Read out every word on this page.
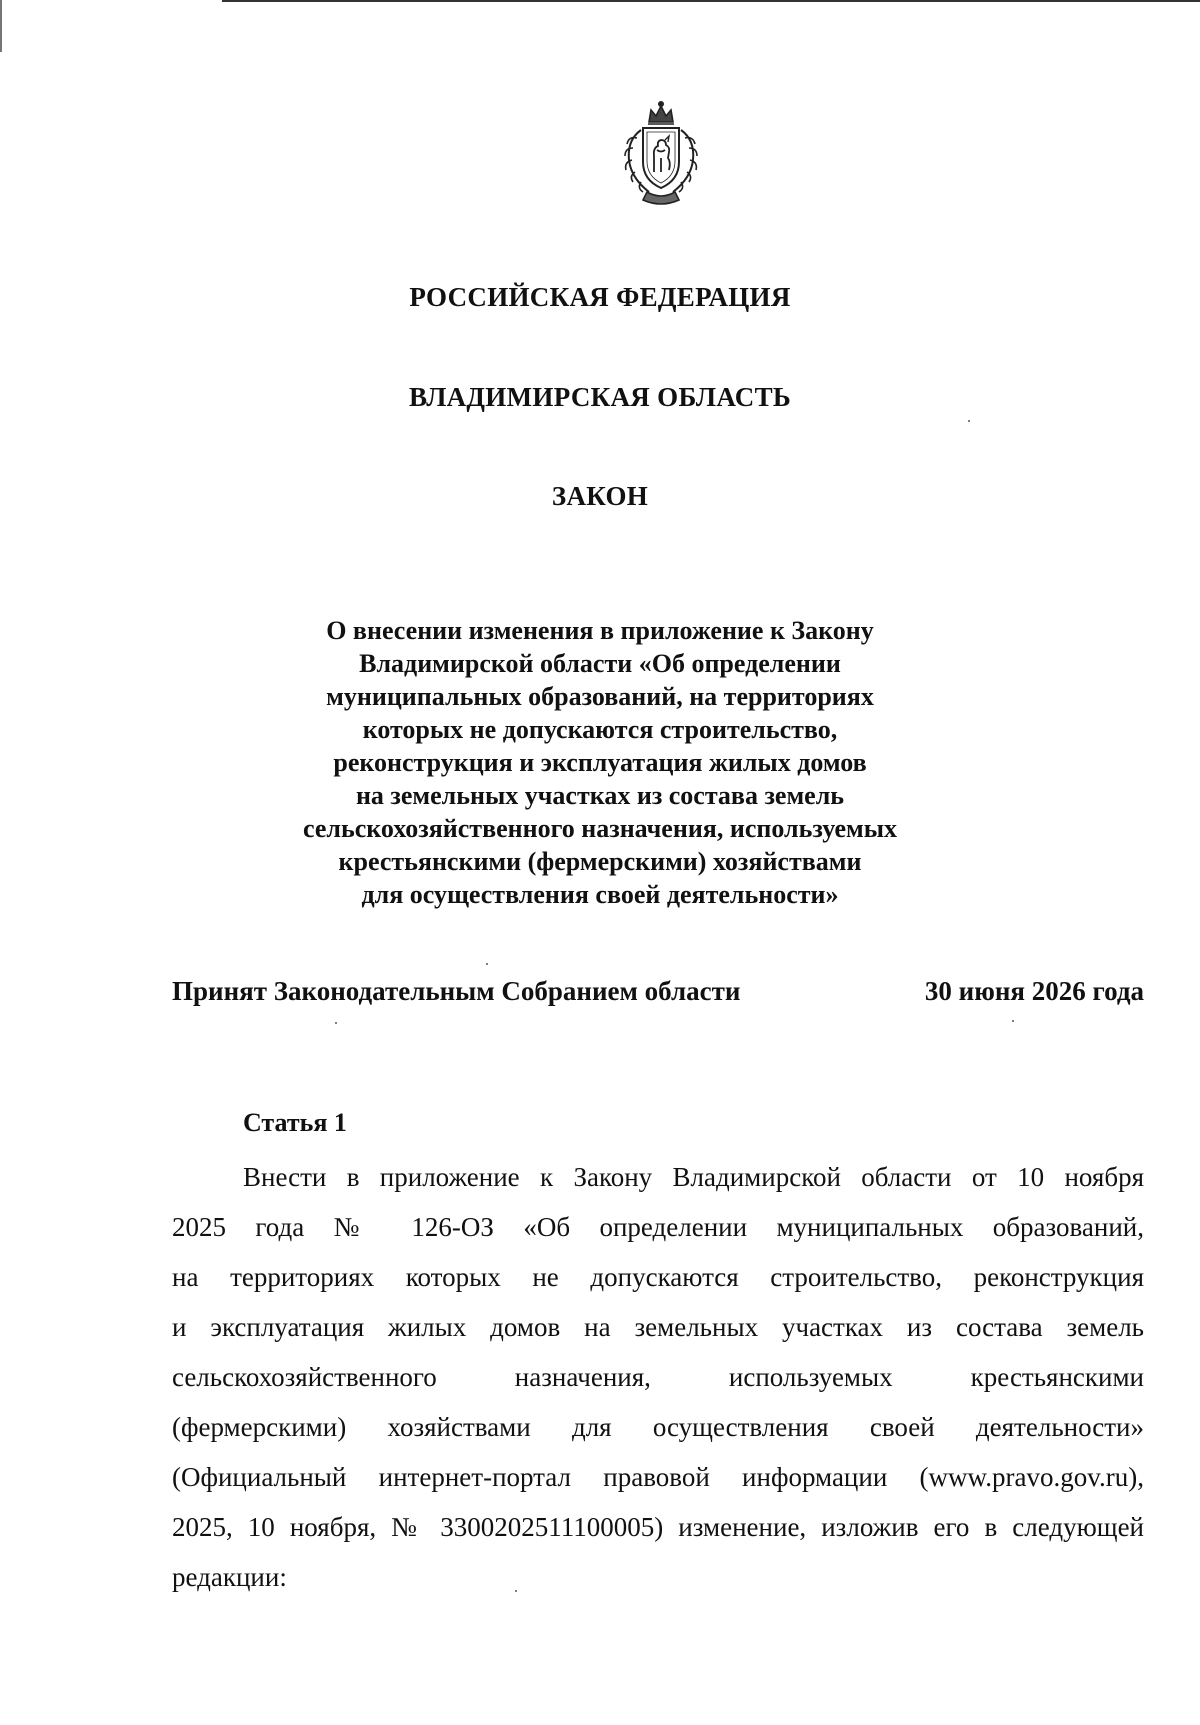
РОССИЙСКАЯ ФЕДЕРАЦИЯ
ВЛАДИМИРСКАЯ ОБЛАСТЬ
ЗАКОН
О внесении изменения в приложение к Закону
Владимирской области «Об определении
муниципальных образований, на территориях
которых не допускаются строительство,
реконструкция и эксплуатация жилых домов
на земельных участках из состава земель
сельскохозяйственного назначения, используемых
крестьянскими (фермерскими) хозяйствами
для осуществления своей деятельности»
Принят Законодательным Собранием области	30 июня 2026 года
Статья 1
Внести в приложение к Закону Владимирской области от 10 ноября
2025 года № 126-ОЗ «Об определении муниципальных образований,
на территориях которых не допускаются строительство, реконструкция
и эксплуатация жилых домов на земельных участках из состава земель
сельскохозяйственного назначения, используемых крестьянскими
(фермерскими) хозяйствами для осуществления своей деятельности»
(Официальный интернет-портал правовой информации (www.pravo.gov.ru),
2025, 10 ноября, № 3300202511100005) изменение, изложив его в следующей
редакции:
